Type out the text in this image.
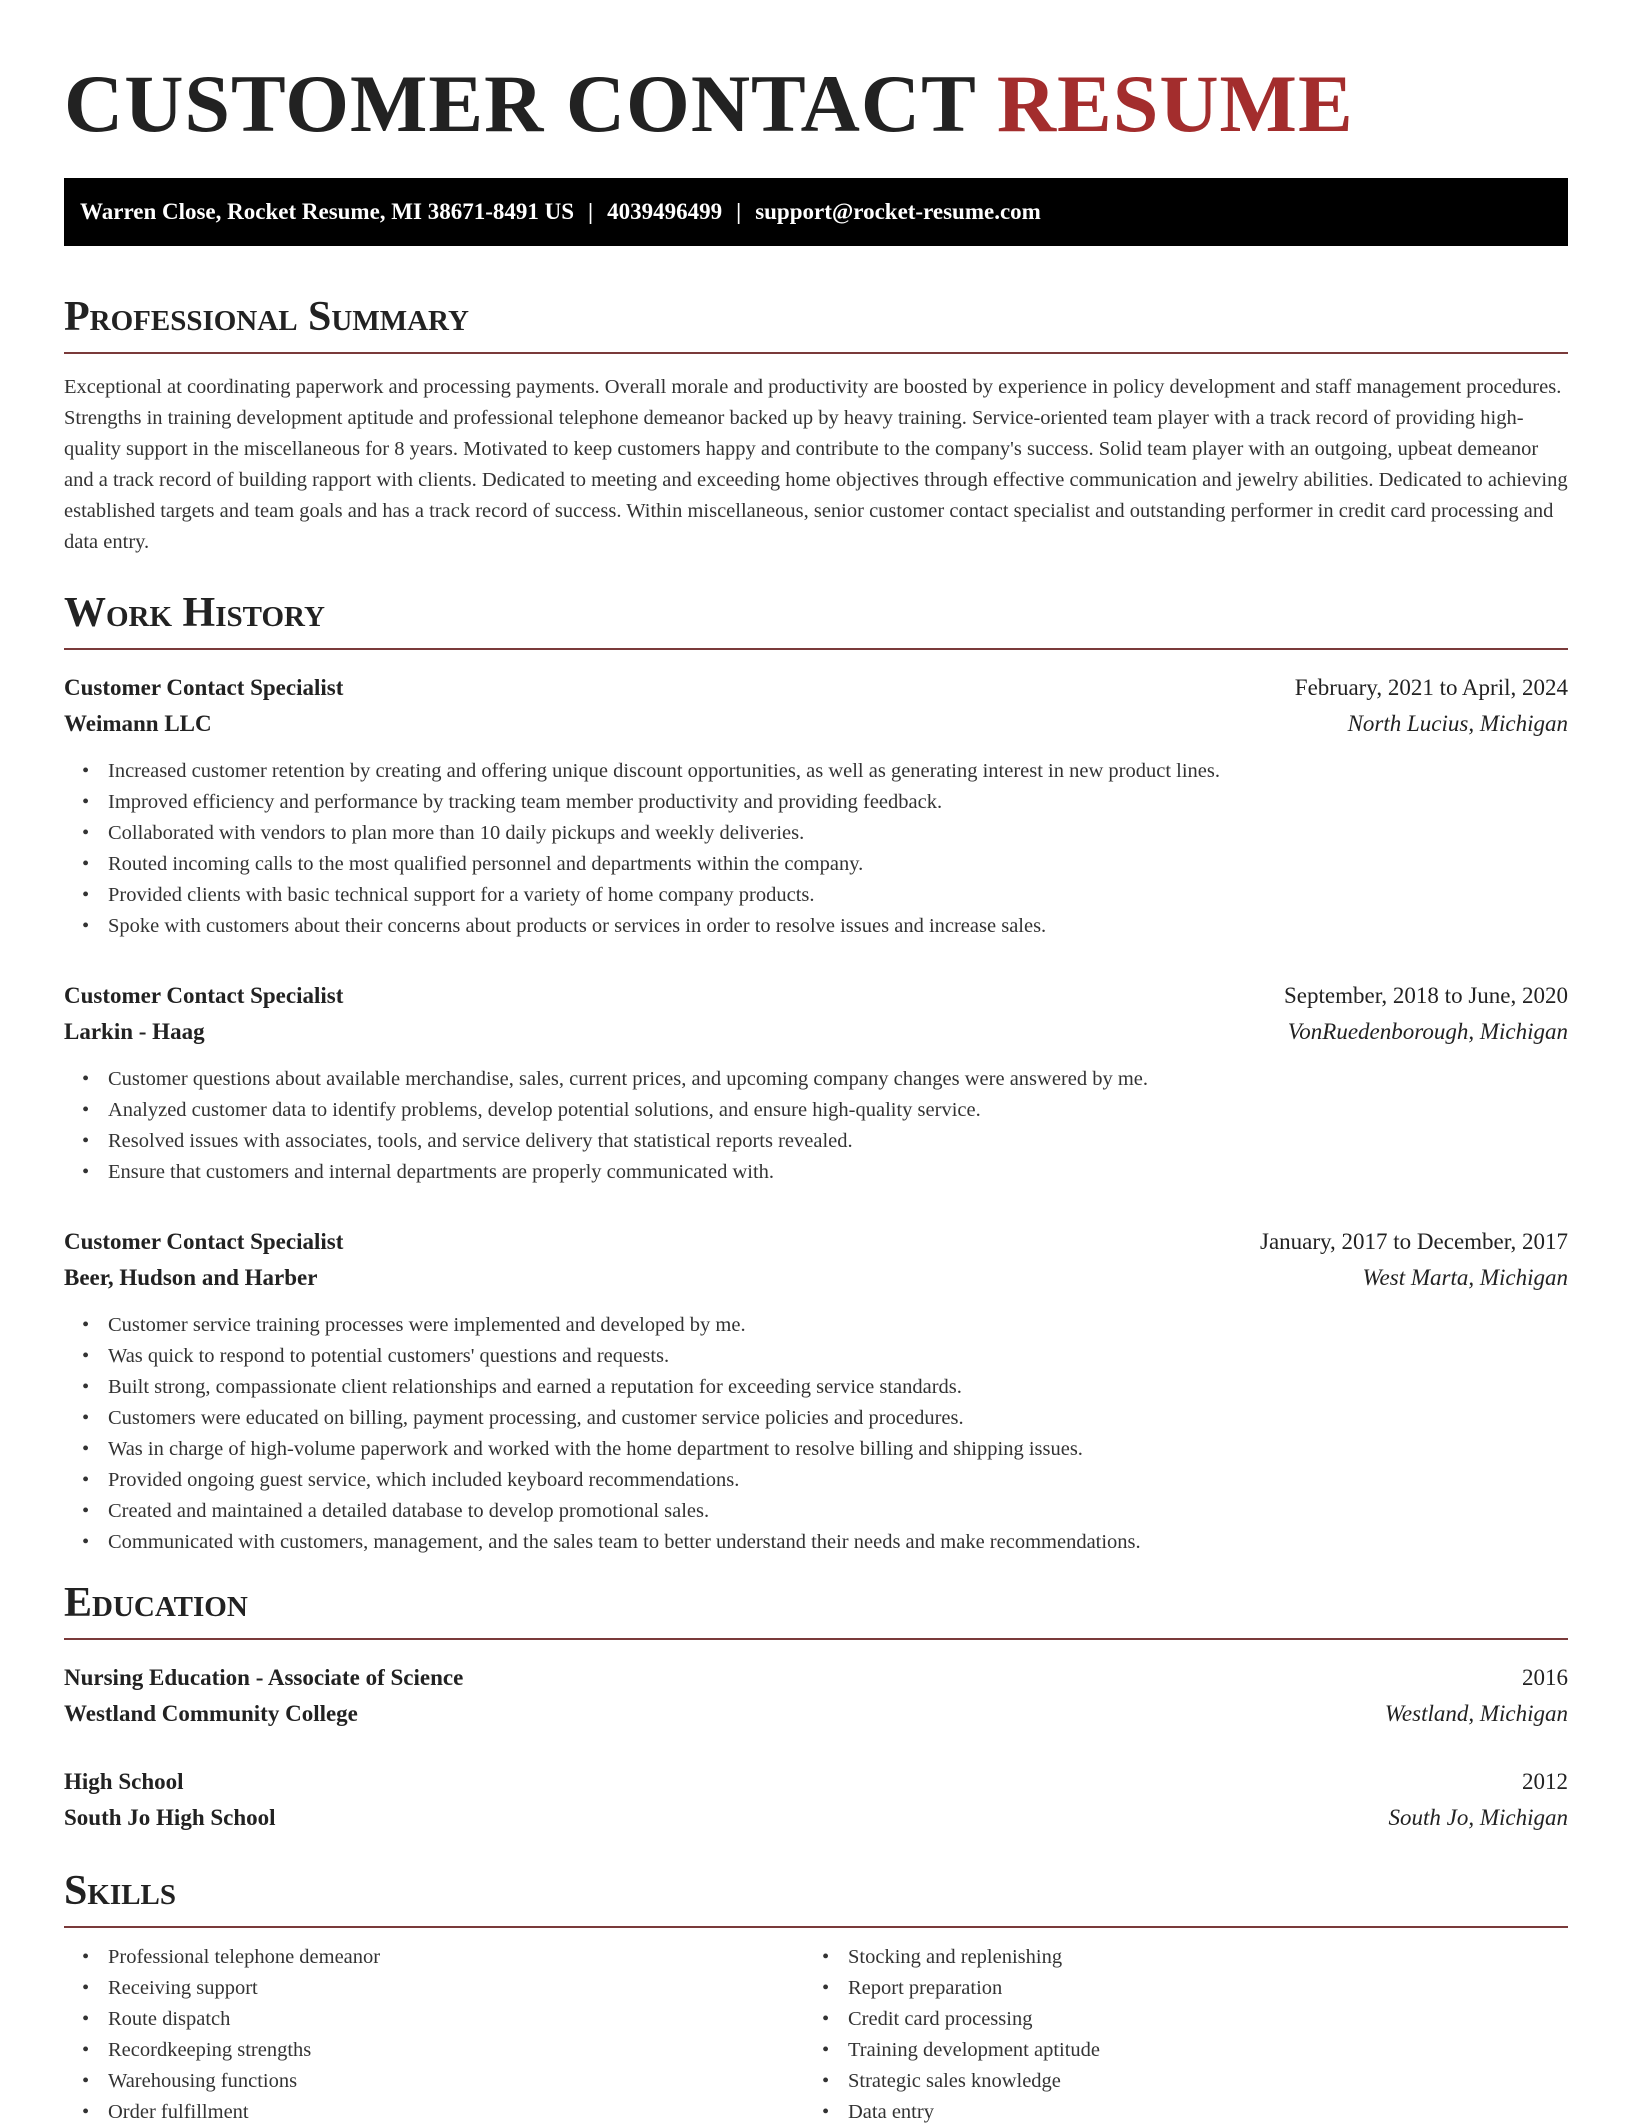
CUSTOMER CONTACT RESUME
Warren Close, Rocket Resume, MI 38671-8491 US | 4039496499 | support@rocket-resume.com
Professional Summary

Exceptional at coordinating paperwork and processing payments. Overall morale and productivity are boosted by experience in policy development and staff management procedures. Strengths in training development aptitude and professional telephone demeanor backed up by heavy training. Service-oriented team player with a track record of providing high-quality support in the miscellaneous for 8 years. Motivated to keep customers happy and contribute to the company's success. Solid team player with an outgoing, upbeat demeanor and a track record of building rapport with clients. Dedicated to meeting and exceeding home objectives through effective communication and jewelry abilities. Dedicated to achieving established targets and team goals and has a track record of success. Within miscellaneous, senior customer contact specialist and outstanding performer in credit card processing and data entry.

Work History
Customer Contact Specialist	February, 2021 to April, 2024
Weimann LLC	North Lucius, Michigan
• Increased customer retention by creating and offering unique discount opportunities, as well as generating interest in new product lines.
• Improved efficiency and performance by tracking team member productivity and providing feedback.
• Collaborated with vendors to plan more than 10 daily pickups and weekly deliveries.
• Routed incoming calls to the most qualified personnel and departments within the company.
• Provided clients with basic technical support for a variety of home company products.
• Spoke with customers about their concerns about products or services in order to resolve issues and increase sales.
Customer Contact Specialist	September, 2018 to June, 2020
Larkin - Haag	VonRuedenborough, Michigan
• Customer questions about available merchandise, sales, current prices, and upcoming company changes were answered by me.
• Analyzed customer data to identify problems, develop potential solutions, and ensure high-quality service.
• Resolved issues with associates, tools, and service delivery that statistical reports revealed.
• Ensure that customers and internal departments are properly communicated with.
Customer Contact Specialist	January, 2017 to December, 2017
Beer, Hudson and Harber	West Marta, Michigan
• Customer service training processes were implemented and developed by me.
• Was quick to respond to potential customers' questions and requests.
• Built strong, compassionate client relationships and earned a reputation for exceeding service standards.
• Customers were educated on billing, payment processing, and customer service policies and procedures.
• Was in charge of high-volume paperwork and worked with the home department to resolve billing and shipping issues.
• Provided ongoing guest service, which included keyboard recommendations.
• Created and maintained a detailed database to develop promotional sales.
• Communicated with customers, management, and the sales team to better understand their needs and make recommendations.
Education
Nursing Education - Associate of Science	2016
Westland Community College	Westland, Michigan
High School	2012
South Jo High School	South Jo, Michigan
Skills
• Professional telephone demeanor
• Receiving support
• Route dispatch
• Recordkeeping strengths
• Warehousing functions
• Order fulfillment
• Stocking and replenishing
• Report preparation
• Credit card processing
• Training development aptitude
• Strategic sales knowledge
• Data entry
